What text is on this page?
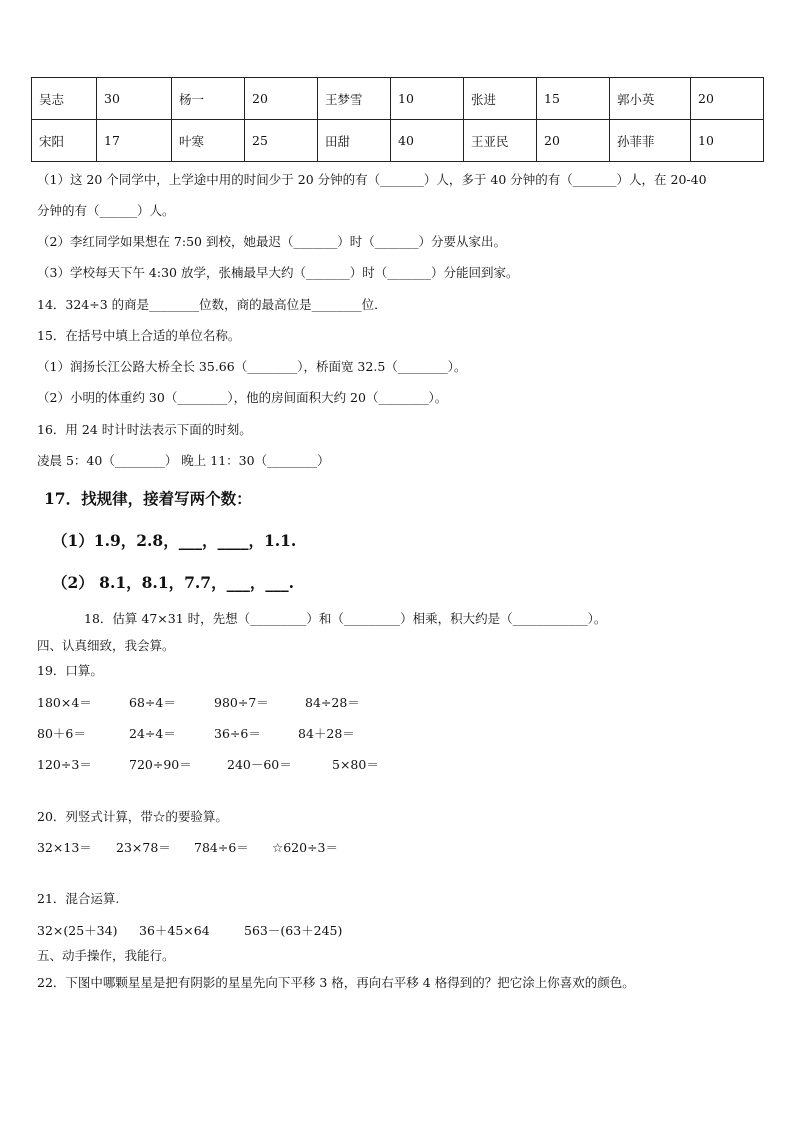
吴志	30	杨一	20	王梦雪	10	张进	15	郭小英	20
宋阳	17	叶寒	25	田甜	40	王亚民	20	孙菲菲	10
（1）这 20 个同学中，上学途中用的时间少于 20 分钟的有（_______）人，多于 40 分钟的有（_______）人，在 20-40
分钟的有（______）人。
（2）李红同学如果想在 7:50 到校，她最迟（_______）时（_______）分要从家出。
（3）学校每天下午 4:30 放学，张楠最早大约（_______）时（_______）分能回到家。
14．324÷3 的商是________位数，商的最高位是________位．
15．在括号中填上合适的单位名称。
（1）润扬长江公路大桥全长 35.66（________），桥面宽 32.5（________）。
（2）小明的体重约 30（________），他的房间面积大约 20（________）。
16．用 24 时计时法表示下面的时刻。
凌晨 5：40（________） 晚上 11：30（________）
17．找规律，接着写两个数：
（1）1.9，2.8，___，____，1.1.
（2） 8.1，8.1，7.7，___，___.
18．估算 47×31 时，先想（_________）和（_________）相乘，积大约是（____________）。
四、认真细致，我会算。
19．口算。
180×4＝	68÷4＝	980÷7＝	84÷28＝
80＋6＝	24÷4＝	36÷6＝	84＋28＝
120÷3＝	720÷90＝	240－60＝	5×80＝
20．列竖式计算，带☆的要验算。
32×13＝ 23×78＝ 784÷6＝ ☆620÷3＝
21．混合运算.
32×(25＋34) 36＋45×64	563－(63＋245)
五、动手操作，我能行。
22．下图中哪颗星星是把有阴影的星星先向下平移 3 格，再向右平移 4 格得到的？把它涂上你喜欢的颜色。
